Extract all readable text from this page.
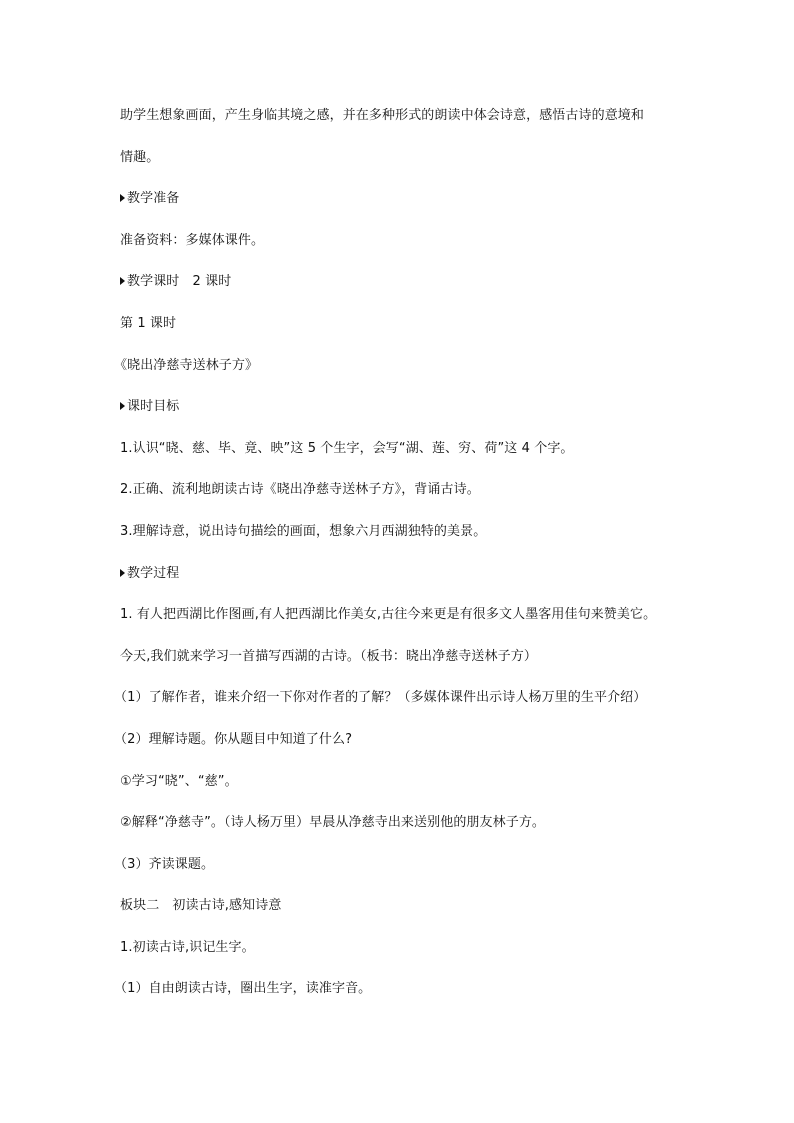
助学生想象画面，产生身临其境之感，并在多种形式的朗读中体会诗意，感悟古诗的意境和
情趣。
教学准备
准备资料：多媒体课件。
教学课时　2 课时
第 1 课时
《晓出净慈寺送林子方》
课时目标
1.认识“晓、慈、毕、竟、映”这 5 个生字，会写“湖、莲、穷、荷”这 4 个字。
2.正确、流利地朗读古诗《晓出净慈寺送林子方》，背诵古诗。
3.理解诗意，说出诗句描绘的画面，想象六月西湖独特的美景。
教学过程
1. 有人把西湖比作图画,有人把西湖比作美女,古往今来更是有很多文人墨客用佳句来赞美它。
今天,我们就来学习一首描写西湖的古诗。（板书：晓出净慈寺送林子方）
（1）了解作者，谁来介绍一下你对作者的了解？（多媒体课件出示诗人杨万里的生平介绍）
（2）理解诗题。你从题目中知道了什么?
①学习“晓”、“慈”。
②解释“净慈寺”。（诗人杨万里）早晨从净慈寺出来送别他的朋友林子方。
（3）齐读课题。
板块二　初读古诗,感知诗意
1.初读古诗,识记生字。
（1）自由朗读古诗，圈出生字，读准字音。
